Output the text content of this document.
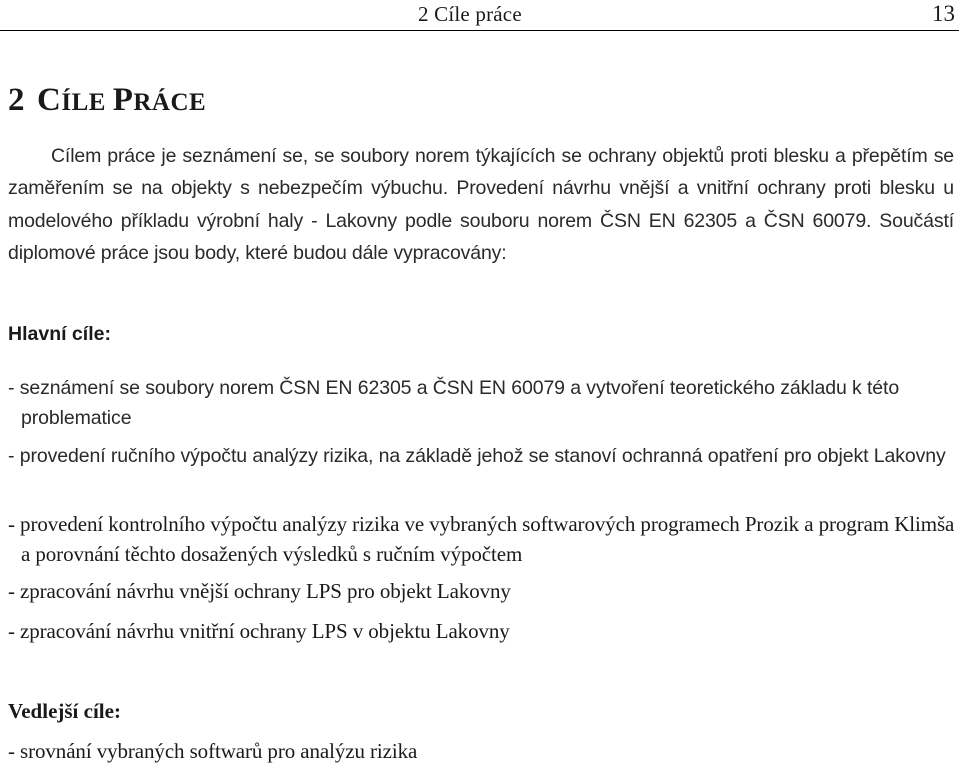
2 Cíle práce	13
2 CÍLE PRÁCE

Cílem práce je seznámení se, se soubory norem týkajících se ochrany objektů proti blesku a přepětím se zaměřením se na objekty s nebezpečím výbuchu. Provedení návrhu vnější a vnitřní ochrany proti blesku u modelového příkladu výrobní haly - Lakovny podle souboru norem ČSN EN 62305 a ČSN 60079. Součástí diplomové práce jsou body, které budou dále vypracovány:

Hlavní cíle:

- seznámení se soubory norem ČSN EN 62305 a ČSN EN 60079 a vytvoření teoretického základu k této problematice

- provedení ručního výpočtu analýzy rizika, na základě jehož se stanoví ochranná opatření pro objekt Lakovny

- provedení kontrolního výpočtu analýzy rizika ve vybraných softwarových programech Prozik a program Klimša a porovnání těchto dosažených výsledků s ručním výpočtem

- zpracování návrhu vnější ochrany LPS pro objekt Lakovny

- zpracování návrhu vnitřní ochrany LPS v objektu Lakovny

Vedlejší cíle:

- srovnání vybraných softwarů pro analýzu rizika
